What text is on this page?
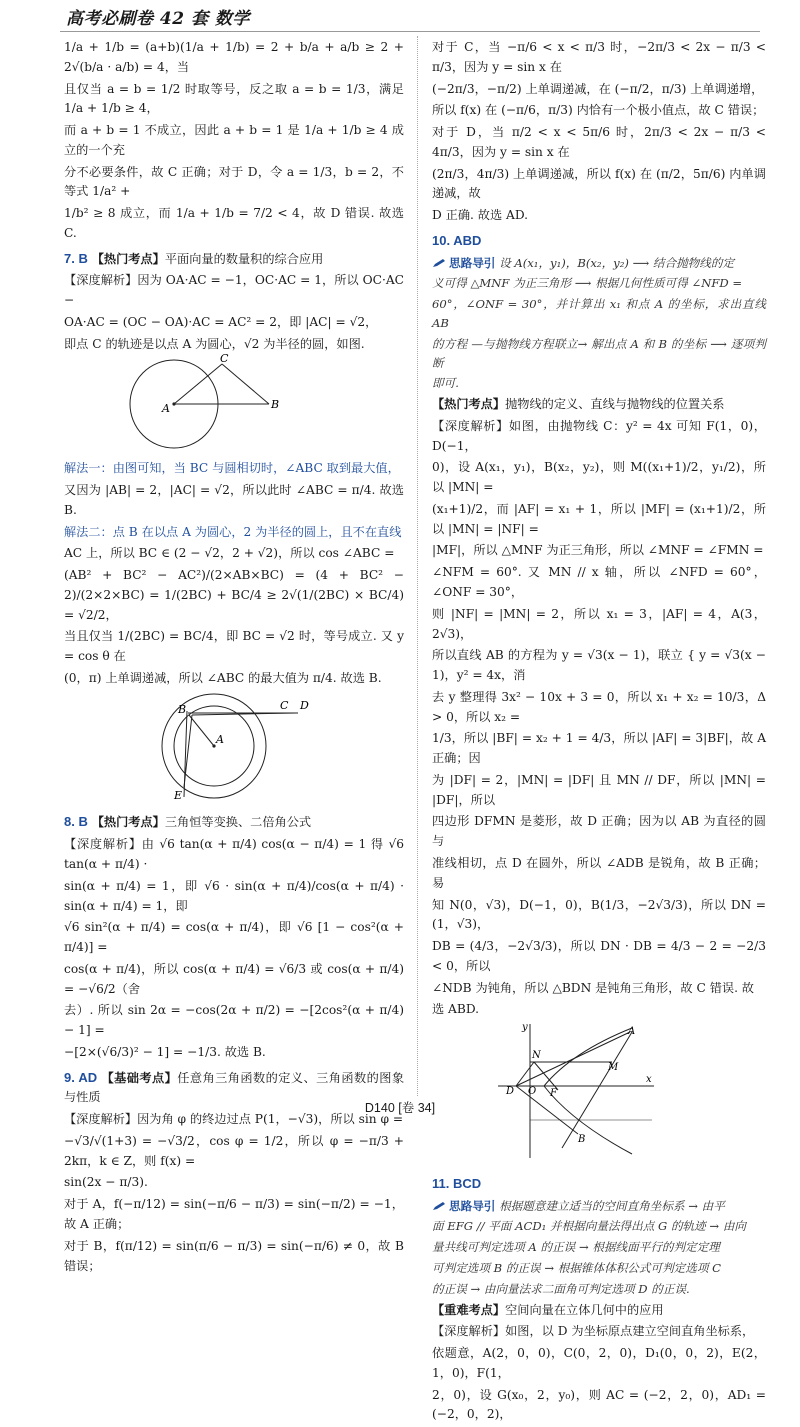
高考必刷卷 42 套 数学

1/a + 1/b = (a+b)(1/a + 1/b) = 2 + b/a + a/b ≥ 2 + 2√(b/a · a/b) = 4，当

且仅当 a = b = 1/2 时取等号，反之取 a = b = 1/3，满足 1/a + 1/b ≥ 4，

而 a + b = 1 不成立，因此 a + b = 1 是 1/a + 1/b ≥ 4 成立的一个充

分不必要条件，故 C 正确；对于 D，令 a = 1/3，b = 2，不等式 1/a² +

1/b² ≥ 8 成立，而 1/a + 1/b = 7/2 < 4，故 D 错误. 故选 C.

7. B 【热门考点】平面向量的数量积的综合应用

【深度解析】因为 OA·AC = −1，OC·AC = 1，所以 OC·AC −

OA·AC = (OC − OA)·AC = AC² = 2，即 |AC| = √2，

即点 C 的轨迹是以点 A 为圆心，√2 为半径的圆，如图.

A
C
B

解法一：由图可知，当 BC 与圆相切时，∠ABC 取到最大值，

又因为 |AB| = 2，|AC| = √2，所以此时 ∠ABC = π/4. 故选 B.

解法二：点 B 在以点 A 为圆心，2 为半径的圆上，且不在直线

AC 上，所以 BC ∈ (2 − √2，2 + √2)，所以 cos ∠ABC =

(AB² + BC² − AC²)/(2×AB×BC) = (4 + BC² − 2)/(2×2×BC) = 1/(2BC) + BC/4 ≥ 2√(1/(2BC) × BC/4) = √2/2，

当且仅当 1/(2BC) = BC/4，即 BC = √2 时，等号成立. 又 y = cos θ 在

(0，π) 上单调递减，所以 ∠ABC 的最大值为 π/4. 故选 B.

B
A
C D
E

8. B 【热门考点】三角恒等变换、二倍角公式

【深度解析】由 √6 tan(α + π/4) cos(α − π/4) = 1 得 √6 tan(α + π/4) ·

sin(α + π/4) = 1，即 √6 · sin(α + π/4)/cos(α + π/4) · sin(α + π/4) = 1，即

√6 sin²(α + π/4) = cos(α + π/4)，即 √6 [1 − cos²(α + π/4)] =

cos(α + π/4)，所以 cos(α + π/4) = √6/3 或 cos(α + π/4) = −√6/2（舍

去）. 所以 sin 2α = −cos(2α + π/2) = −[2cos²(α + π/4) − 1] =

−[2×(√6/3)² − 1] = −1/3. 故选 B.

9. AD 【基础考点】任意角三角函数的定义、三角函数的图象与性质

【深度解析】因为角 φ 的终边过点 P(1，−√3)，所以 sin φ =

−√3/√(1+3) = −√3/2，cos φ = 1/2，所以 φ = −π/3 + 2kπ，k ∈ Z，则 f(x) =

sin(2x − π/3).

对于 A，f(−π/12) = sin(−π/6 − π/3) = sin(−π/2) = −1，故 A 正确；

对于 B，f(π/12) = sin(π/6 − π/3) = sin(−π/6) ≠ 0，故 B 错误；

对于 C，当 −π/6 < x < π/3 时，−2π/3 < 2x − π/3 < π/3，因为 y = sin x 在

(−2π/3，−π/2) 上单调递减，在 (−π/2，π/3) 上单调递增，

所以 f(x) 在 (−π/6，π/3) 内恰有一个极小值点，故 C 错误；

对于 D，当 π/2 < x < 5π/6 时，2π/3 < 2x − π/3 < 4π/3，因为 y = sin x 在

(2π/3，4π/3) 上单调递减，所以 f(x) 在 (π/2，5π/6) 内单调递减，故

D 正确. 故选 AD.

10. ABD

思路导引 设 A(x₁，y₁)，B(x₂，y₂) ⟶ 结合抛物线的定

义可得 △MNF 为正三角形 ⟶ 根据几何性质可得 ∠NFD =

60°，∠ONF = 30°，并计算出 x₁ 和点 A 的坐标，求出直线 AB

的方程 —与抛物线方程联立→ 解出点 A 和 B 的坐标 ⟶ 逐项判断

即可.

【热门考点】抛物线的定义、直线与抛物线的位置关系

【深度解析】如图，由抛物线 C：y² = 4x 可知 F(1，0)，D(−1，

0)，设 A(x₁，y₁)，B(x₂，y₂)，则 M((x₁+1)/2，y₁/2)，所以 |MN| =

(x₁+1)/2，而 |AF| = x₁ + 1，所以 |MF| = (x₁+1)/2，所以 |MN| = |NF| =

|MF|，所以 △MNF 为正三角形，所以 ∠MNF = ∠FMN =

∠NFM = 60°. 又 MN // x 轴，所以 ∠NFD = 60°，∠ONF = 30°，

则 |NF| = |MN| = 2，所以 x₁ = 3，|AF| = 4，A(3，2√3)，

所以直线 AB 的方程为 y = √3(x − 1)，联立 { y = √3(x − 1)，y² = 4x，消

去 y 整理得 3x² − 10x + 3 = 0，所以 x₁ + x₂ = 10/3，Δ > 0，所以 x₂ =

1/3，所以 |BF| = x₂ + 1 = 4/3，所以 |AF| = 3|BF|，故 A 正确；因

为 |DF| = 2，|MN| = |DF| 且 MN // DF，所以 |MN| = |DF|，所以

四边形 DFMN 是菱形，故 D 正确；因为以 AB 为直径的圆与

准线相切，点 D 在圆外，所以 ∠ADB 是锐角，故 B 正确；易

知 N(0，√3)，D(−1，0)，B(1/3，−2√3/3)，所以 DN = (1，√3)，

DB = (4/3，−2√3/3)，所以 DN · DB = 4/3 − 2 = −2/3 < 0，所以

∠NDB 为钝角，所以 △BDN 是钝角三角形，故 C 错误. 故

选 ABD.

y
x
A
N
M
D O F
B

11. BCD

思路导引 根据题意建立适当的空间直角坐标系 → 由平

面 EFG // 平面 ACD₁ 并根据向量法得出点 G 的轨迹 → 由向

量共线可判定选项 A 的正误 → 根据线面平行的判定定理

可判定选项 B 的正误 → 根据锥体体积公式可判定选项 C

的正误 → 由向量法求二面角可判定选项 D 的正误.

【重难考点】空间向量在立体几何中的应用

【深度解析】如图，以 D 为坐标原点建立空间直角坐标系，

依题意，A(2，0，0)，C(0，2，0)，D₁(0，0，2)，E(2，1，0)，F(1，

2，0)，设 G(x₀，2，y₀)，则 AC = (−2，2，0)，AD₁ = (−2，0，2)，

D140 [卷 34]
